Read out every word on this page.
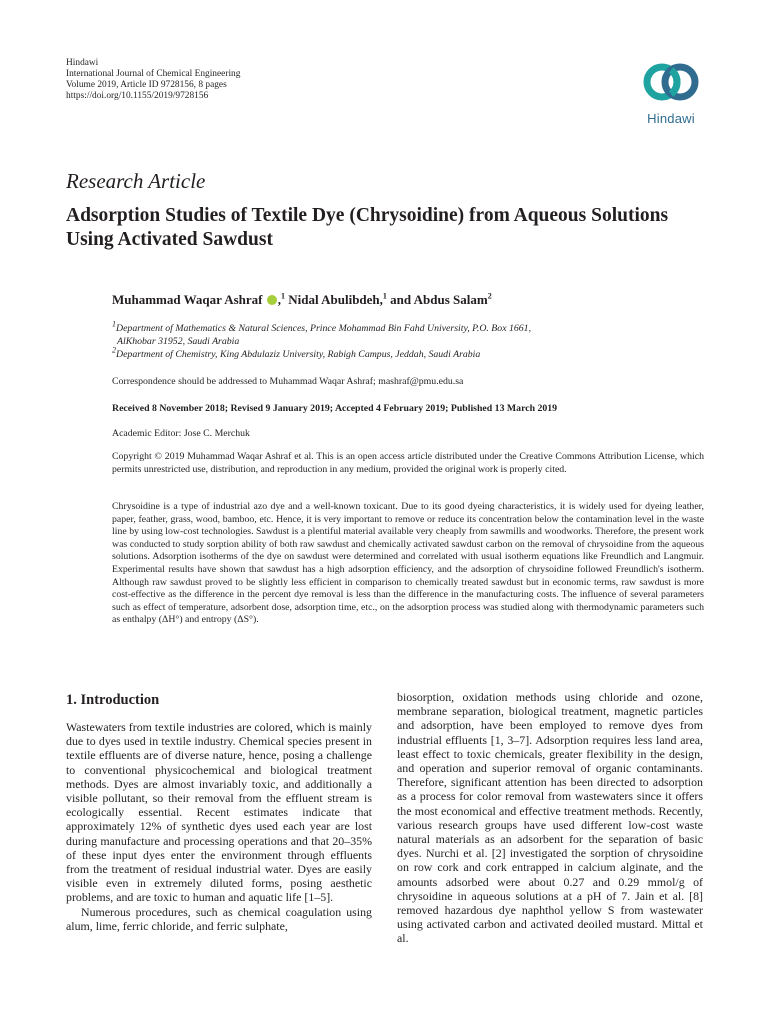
Hindawi
International Journal of Chemical Engineering
Volume 2019, Article ID 9728156, 8 pages
https://doi.org/10.1155/2019/9728156
Hindawi
Research Article
Adsorption Studies of Textile Dye (Chrysoidine) from Aqueous Solutions Using Activated Sawdust
Muhammad Waqar Ashraf ,$^1$ Nidal Abulibdeh,$^1$ and Abdus Salam$^2$
$^1$Department of Mathematics & Natural Sciences, Prince Mohammad Bin Fahd University, P.O. Box 1661,
AlKhobar 31952, Saudi Arabia
$^2$Department of Chemistry, King Abdulaziz University, Rabigh Campus, Jeddah, Saudi Arabia
Correspondence should be addressed to Muhammad Waqar Ashraf; mashraf@pmu.edu.sa
Received 8 November 2018; Revised 9 January 2019; Accepted 4 February 2019; Published 13 March 2019
Academic Editor: Jose C. Merchuk
Copyright © 2019 Muhammad Waqar Ashraf et al. This is an open access article distributed under the Creative Commons Attribution License, which permits unrestricted use, distribution, and reproduction in any medium, provided the original work is properly cited.
Chrysoidine is a type of industrial azo dye and a well-known toxicant. Due to its good dyeing characteristics, it is widely used for dyeing leather, paper, feather, grass, wood, bamboo, etc. Hence, it is very important to remove or reduce its concentration below the contamination level in the waste line by using low-cost technologies. Sawdust is a plentiful material available very cheaply from sawmills and woodworks. Therefore, the present work was conducted to study sorption ability of both raw sawdust and chemically activated sawdust carbon on the removal of chrysoidine from the aqueous solutions. Adsorption isotherms of the dye on sawdust were determined and correlated with usual isotherm equations like Freundlich and Langmuir. Experimental results have shown that sawdust has a high adsorption efficiency, and the adsorption of chrysoidine followed Freundlich's isotherm. Although raw sawdust proved to be slightly less efficient in comparison to chemically treated sawdust but in economic terms, raw sawdust is more cost-effective as the difference in the percent dye removal is less than the difference in the manufacturing costs. The influence of several parameters such as effect of temperature, adsorbent dose, adsorption time, etc., on the adsorption process was studied along with thermodynamic parameters such as enthalpy (ΔH°) and entropy (ΔS°).
1. Introduction

Wastewaters from textile industries are colored, which is mainly due to dyes used in textile industry. Chemical species present in textile effluents are of diverse nature, hence, posing a challenge to conventional physicochemical and biological treatment methods. Dyes are almost invariably toxic, and additionally a visible pollutant, so their removal from the effluent stream is ecologically essential. Recent estimates indicate that approximately 12% of synthetic dyes used each year are lost during manufacture and processing operations and that 20–35% of these input dyes enter the environment through effluents from the treatment of residual industrial water. Dyes are easily visible even in extremely diluted forms, posing aesthetic problems, and are toxic to human and aquatic life [1–5].

Numerous procedures, such as chemical coagulation using alum, lime, ferric chloride, and ferric sulphate,

biosorption, oxidation methods using chloride and ozone, membrane separation, biological treatment, magnetic particles and adsorption, have been employed to remove dyes from industrial effluents [1, 3–7]. Adsorption requires less land area, least effect to toxic chemicals, greater flexibility in the design, and operation and superior removal of organic contaminants. Therefore, significant attention has been directed to adsorption as a process for color removal from wastewaters since it offers the most economical and effective treatment methods. Recently, various research groups have used different low-cost waste natural materials as an adsorbent for the separation of basic dyes. Nurchi et al. [2] investigated the sorption of chrysoidine on row cork and cork entrapped in calcium alginate, and the amounts adsorbed were about 0.27 and 0.29 mmol/g of chrysoidine in aqueous solutions at a pH of 7. Jain et al. [8] removed hazardous dye naphthol yellow S from wastewater using activated carbon and activated deoiled mustard. Mittal et al.
